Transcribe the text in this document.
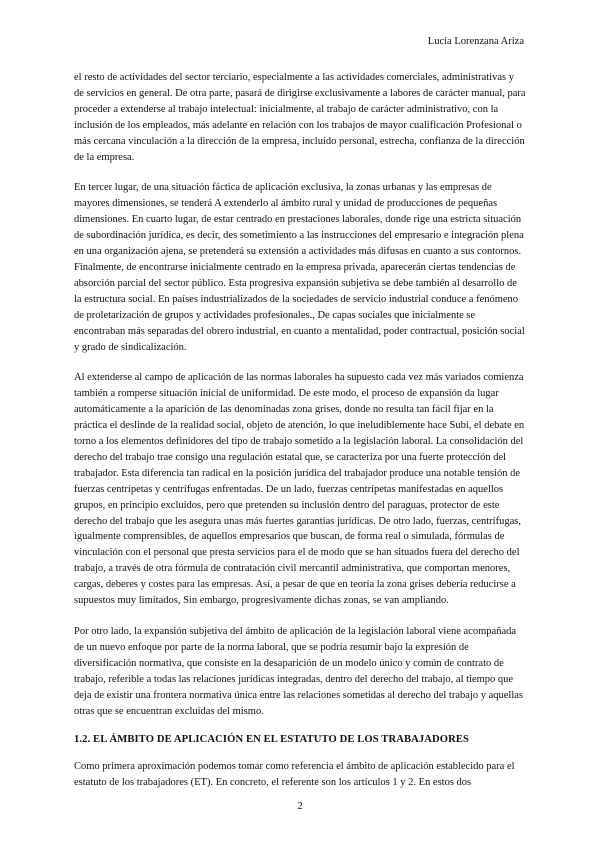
Lucía Lorenzana Ariza

el resto de actividades del sector terciario, especialmente a las actividades comerciales, administrativas y de servicios en general. De otra parte, pasará de dirigirse exclusivamente a labores de carácter manual, para proceder a extenderse al trabajo intelectual: inicialmente, al trabajo de carácter administrativo, con la inclusión de los empleados, más adelante en relación con los trabajos de mayor cualificación Profesional o más cercana vinculación a la dirección de la empresa, incluido personal, estrecha, confianza de la dirección de la empresa.

En tercer lugar, de una situación fáctica de aplicación exclusiva, la zonas urbanas y las empresas de mayores dimensiones, se tenderá A extenderlo al ámbito rural y unidad de producciones de pequeñas dimensiones. En cuarto lugar, de estar centrado en prestaciones laborales, donde rige una estricta situación de subordinación jurídica, es decir, des sometimiento a las instrucciones del empresario e integración plena en una organización ajena, se pretenderá su extensión a actividades más difusas en cuanto a sus contornos. Finalmente, de encontrarse inicialmente centrado en la empresa privada, aparecerán ciertas tendencias de absorción parcial del sector público. Esta progresiva expansión subjetiva se debe también al desarrollo de la estructura social. En países industrializados de la sociedades de servicio industrial conduce a fenómeno de proletarización de grupos y actividades profesionales., De capas sociales que inicialmente se encontraban más separadas del obrero industrial, en cuanto a mentalidad, poder contractual, posición social y grado de sindicalización.

Al extenderse al campo de aplicación de las normas laborales ha supuesto cada vez más variados comienza también a romperse situación inicial de uniformidad. De este modo, el proceso de expansión da lugar automáticamente a la aparición de las denominadas zona grises, donde no resulta tan fácil fijar en la práctica el deslinde de la realidad social, objeto de atención, lo que ineludiblemente hace Subi, el debate en torno a los elementos definidores del tipo de trabajo sometido a la legislación laboral. La consolidación del derecho del trabajo trae consigo una regulación estatal que, se caracteriza por una fuerte protección del trabajador. Esta diferencia tan radical en la posición jurídica del trabajador produce una notable tensión de fuerzas centrípetas y centrífugas enfrentadas. De un lado, fuerzas centrípetas manifestadas en aquellos grupos, en principio excluidos, pero que pretenden su inclusión dentro del paraguas, protector de este derecho del trabajo que les asegura unas más fuertes garantías jurídicas. De otro lado, fuerzas, centrífugas, igualmente comprensibles, de aquellos empresarios que buscan, de forma real o simulada, fórmulas de vinculación con el personal que presta servicios para el de modo que se han situados fuera del derecho del trabajo, a través de otra fórmula de contratación civil mercantil administrativa, que comportan menores, cargas, deberes y costes para las empresas. Así, a pesar de que en teoría la zona grises debería reducirse a supuestos muy limitados, Sin embargo, progresivamente dichas zonas, se van ampliando.

Por otro lado, la expansión subjetiva del ámbito de aplicación de la legislación laboral viene acompañada de un nuevo enfoque por parte de la norma laboral, que se podría resumir bajo la expresión de diversificación normativa, que consiste en la desaparición de un modelo único y común de contrato de trabajo, referible a todas las relaciones jurídicas integradas, dentro del derecho del trabajo, al tiempo que deja de existir una frontera normativa única entre las relaciones sometidas al derecho del trabajo y aquellas otras que se encuentran excluidas del mismo.

1.2. EL ÁMBITO DE APLICACIÓN EN EL ESTATUTO DE LOS TRABAJADORES

Como primera aproximación podemos tomar como referencia el ámbito de aplicación establecido para el estatuto de los trabajadores (ET). En concreto, el referente son los artículos 1 y 2. En estos dos

2
